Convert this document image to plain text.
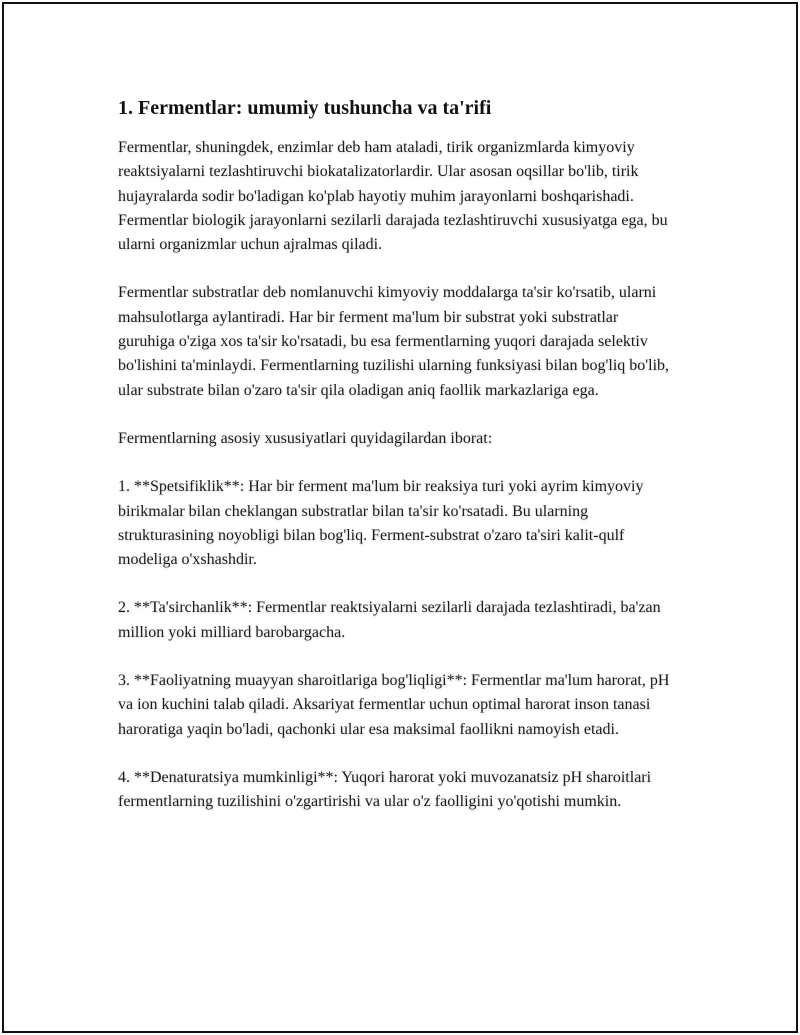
1. Fermentlar: umumiy tushuncha va ta'rifi

Fermentlar, shuningdek, enzimlar deb ham ataladi, tirik organizmlarda kimyoviy reaktsiyalarni tezlashtiruvchi biokatalizatorlardir. Ular asosan oqsillar bo'lib, tirik hujayralarda sodir bo'ladigan ko'plab hayotiy muhim jarayonlarni boshqarishadi. Fermentlar biologik jarayonlarni sezilarli darajada tezlashtiruvchi xususiyatga ega, bu ularni organizmlar uchun ajralmas qiladi.

Fermentlar substratlar deb nomlanuvchi kimyoviy moddalarga ta'sir ko'rsatib, ularni mahsulotlarga aylantiradi. Har bir ferment ma'lum bir substrat yoki substratlar guruhiga o'ziga xos ta'sir ko'rsatadi, bu esa fermentlarning yuqori darajada selektiv bo'lishini ta'minlaydi. Fermentlarning tuzilishi ularning funksiyasi bilan bog'liq bo'lib, ular substrate bilan o'zaro ta'sir qila oladigan aniq faollik markazlariga ega.

Fermentlarning asosiy xususiyatlari quyidagilardan iborat:

1. **Spetsifiklik**: Har bir ferment ma'lum bir reaksiya turi yoki ayrim kimyoviy birikmalar bilan cheklangan substratlar bilan ta'sir ko'rsatadi. Bu ularning strukturasining noyobligi bilan bog'liq. Ferment-substrat o'zaro ta'siri kalit-qulf modeliga o'xshashdir.

2. **Ta'sirchanlik**: Fermentlar reaktsiyalarni sezilarli darajada tezlashtiradi, ba'zan million yoki milliard barobargacha.

3. **Faoliyatning muayyan sharoitlariga bog'liqligi**: Fermentlar ma'lum harorat, pH va ion kuchini talab qiladi. Aksariyat fermentlar uchun optimal harorat inson tanasi haroratiga yaqin bo'ladi, qachonki ular esa maksimal faollikni namoyish etadi.

4. **Denaturatsiya mumkinligi**: Yuqori harorat yoki muvozanatsiz pH sharoitlari fermentlarning tuzilishini o'zgartirishi va ular o'z faolligini yo'qotishi mumkin.
